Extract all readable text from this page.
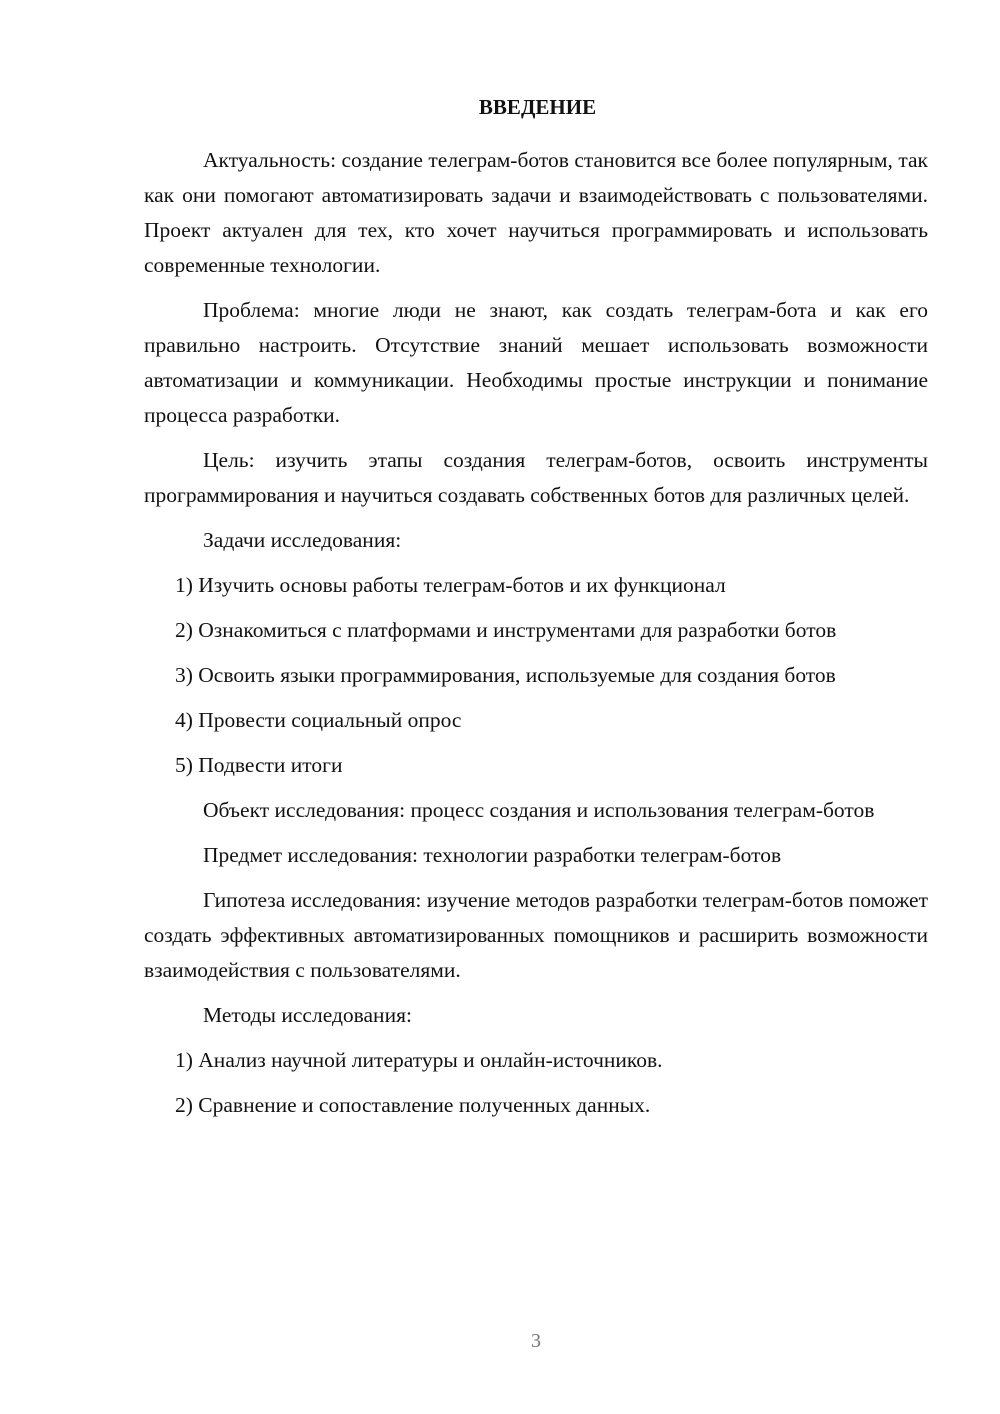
ВВЕДЕНИЕ

Актуальность: создание телеграм-ботов становится все более популярным, так как они помогают автоматизировать задачи и взаимодействовать с пользователями. Проект актуален для тех, кто хочет научиться программировать и использовать современные технологии.

Проблема: многие люди не знают, как создать телеграм-бота и как его правильно настроить. Отсутствие знаний мешает использовать возможности автоматизации и коммуникации. Необходимы простые инструкции и понимание процесса разработки.

Цель: изучить этапы создания телеграм-ботов, освоить инструменты программирования и научиться создавать собственных ботов для различных целей.

Задачи исследования:

1) Изучить основы работы телеграм-ботов и их функционал

2) Ознакомиться с платформами и инструментами для разработки ботов

3) Освоить языки программирования, используемые для создания ботов

4) Провести социальный опрос

5) Подвести итоги

Объект исследования: процесс создания и использования телеграм-ботов

Предмет исследования: технологии разработки телеграм-ботов

Гипотеза исследования: изучение методов разработки телеграм-ботов поможет создать эффективных автоматизированных помощников и расширить возможности взаимодействия с пользователями.

Методы исследования:

1) Анализ научной литературы и онлайн-источников.

2) Сравнение и сопоставление полученных данных.

3
